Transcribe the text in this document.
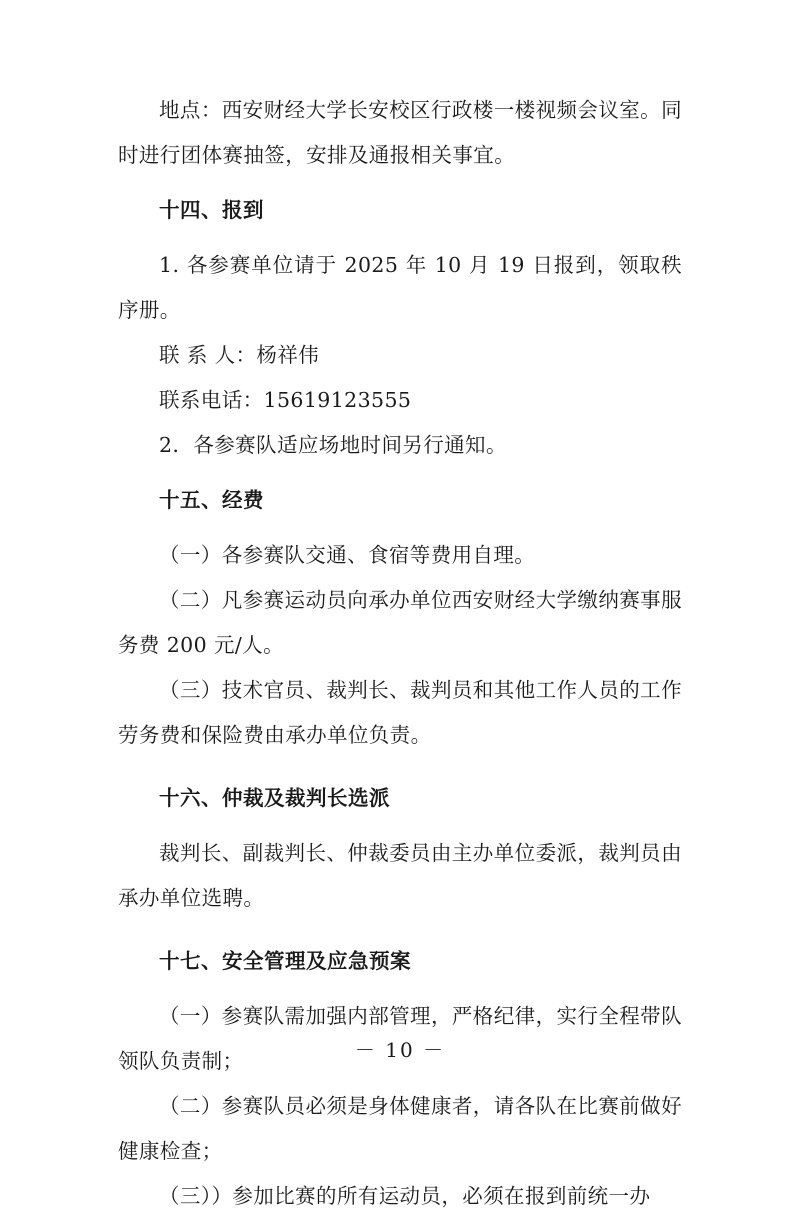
地点：西安财经大学长安校区行政楼一楼视频会议室。同时进行团体赛抽签，安排及通报相关事宜。

十四、报到

1. 各参赛单位请于 2025 年 10 月 19 日报到，领取秩序册。

联 系 人：杨祥伟

联系电话：15619123555

2．各参赛队适应场地时间另行通知。

十五、经费

（一）各参赛队交通、食宿等费用自理。

（二）凡参赛运动员向承办单位西安财经大学缴纳赛事服务费 200 元/人。

（三）技术官员、裁判长、裁判员和其他工作人员的工作劳务费和保险费由承办单位负责。

十六、仲裁及裁判长选派

裁判长、副裁判长、仲裁委员由主办单位委派，裁判员由承办单位选聘。

十七、安全管理及应急预案

（一）参赛队需加强内部管理，严格纪律，实行全程带队领队负责制；

（二）参赛队员必须是身体健康者，请各队在比赛前做好健康检查；

（三））参加比赛的所有运动员，必须在报到前统一办

－ 10 －
